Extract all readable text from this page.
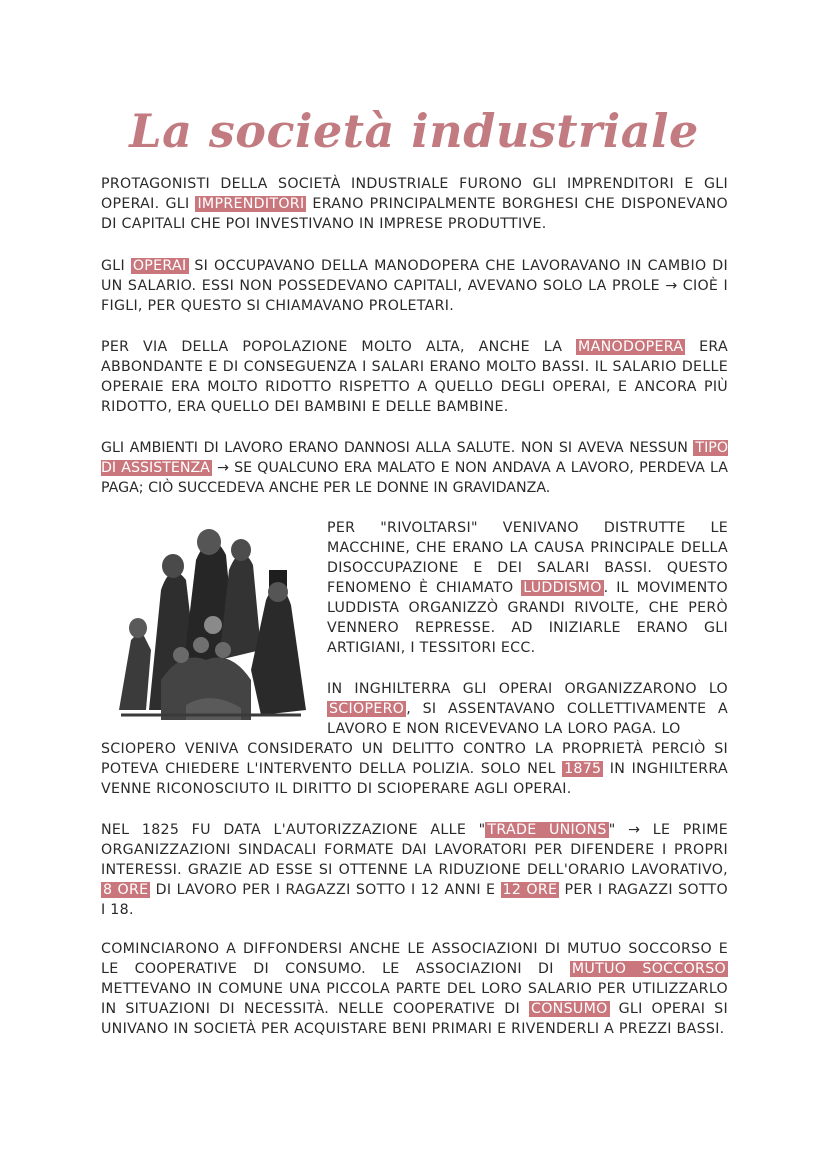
La società industriale

PROTAGONISTI DELLA SOCIETÀ INDUSTRIALE FURONO GLI IMPRENDITORI E GLI OPERAI. GLI IMPRENDITORI ERANO PRINCIPALMENTE BORGHESI CHE DISPONEVANO DI CAPITALI CHE POI INVESTIVANO IN IMPRESE PRODUTTIVE.

GLI OPERAI SI OCCUPAVANO DELLA MANODOPERA CHE LAVORAVANO IN CAMBIO DI UN SALARIO. ESSI NON POSSEDEVANO CAPITALI, AVEVANO SOLO LA PROLE → CIOÈ I FIGLI, PER QUESTO SI CHIAMAVANO PROLETARI.

PER VIA DELLA POPOLAZIONE MOLTO ALTA, ANCHE LA MANODOPERA ERA ABBONDANTE E DI CONSEGUENZA I SALARI ERANO MOLTO BASSI. IL SALARIO DELLE OPERAIE ERA MOLTO RIDOTTO RISPETTO A QUELLO DEGLI OPERAI, E ANCORA PIÙ RIDOTTO, ERA QUELLO DEI BAMBINI E DELLE BAMBINE.

GLI AMBIENTI DI LAVORO ERANO DANNOSI ALLA SALUTE. NON SI AVEVA NESSUN TIPO DI ASSISTENZA → SE QUALCUNO ERA MALATO E NON ANDAVA A LAVORO, PERDEVA LA PAGA; CIÒ SUCCEDEVA ANCHE PER LE DONNE IN GRAVIDANZA.

PER "RIVOLTARSI" VENIVANO DISTRUTTE LE MACCHINE, CHE ERANO LA CAUSA PRINCIPALE DELLA DISOCCUPAZIONE E DEI SALARI BASSI. QUESTO FENOMENO È CHIAMATO LUDDISMO . IL MOVIMENTO LUDDISTA ORGANIZZÒ GRANDI RIVOLTE, CHE PERÒ VENNERO REPRESSE. AD INIZIARLE ERANO GLI ARTIGIANI, I TESSITORI ECC.

IN INGHILTERRA GLI OPERAI ORGANIZZARONO LO SCIOPERO , SI ASSENTAVANO COLLETTIVAMENTE A LAVORO E NON RICEVEVANO LA LORO PAGA. LO

SCIOPERO VENIVA CONSIDERATO UN DELITTO CONTRO LA PROPRIETÀ PERCIÒ SI POTEVA CHIEDERE L'INTERVENTO DELLA POLIZIA. SOLO NEL 1875 IN INGHILTERRA VENNE RICONOSCIUTO IL DIRITTO DI SCIOPERARE AGLI OPERAI.

NEL 1825 FU DATA L'AUTORIZZAZIONE ALLE " TRADE UNIONS " → LE PRIME ORGANIZZAZIONI SINDACALI FORMATE DAI LAVORATORI PER DIFENDERE I PROPRI INTERESSI. GRAZIE AD ESSE SI OTTENNE LA RIDUZIONE DELL'ORARIO LAVORATIVO, 8 ORE DI LAVORO PER I RAGAZZI SOTTO I 12 ANNI E 12 ORE PER I RAGAZZI SOTTO I 18.

COMINCIARONO A DIFFONDERSI ANCHE LE ASSOCIAZIONI DI MUTUO SOCCORSO E LE COOPERATIVE DI CONSUMO. LE ASSOCIAZIONI DI MUTUO SOCCORSO METTEVANO IN COMUNE UNA PICCOLA PARTE DEL LORO SALARIO PER UTILIZZARLO IN SITUAZIONI DI NECESSITÀ. NELLE COOPERATIVE DI CONSUMO GLI OPERAI SI UNIVANO IN SOCIETÀ PER ACQUISTARE BENI PRIMARI E RIVENDERLI A PREZZI BASSI.
